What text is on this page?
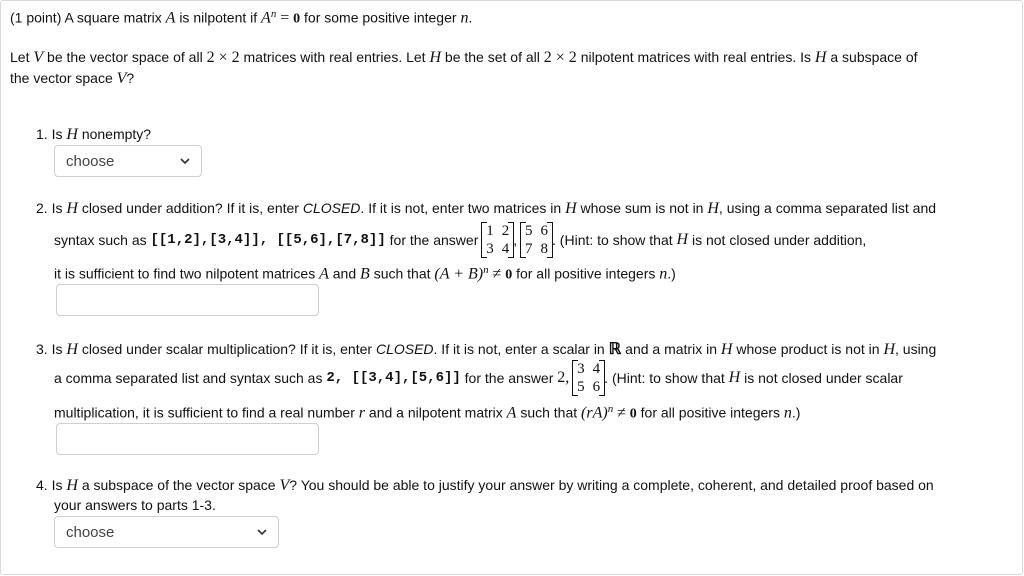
(1 point) A square matrix A is nilpotent if $A^n = 0$ for some positive integer n.
Let V be the vector space of all 2 × 2 matrices with real entries. Let H be the set of all 2 × 2 nilpotent matrices with real entries. Is H a subspace of
the vector space V?
1. Is H nonempty?
choose
2. Is H closed under addition? If it is, enter CLOSED. If it is not, enter two matrices in H whose sum is not in H, using a comma separated list and
syntax such as [[1,2],[3,4]], [[5,6],[7,8]] for the answer
1	2
3	4
,
5	6
7	8
. (Hint: to show that H is not closed under addition,
it is sufficient to find two nilpotent matrices A and B such that $(A + B)^n \ne 0$ for all positive integers n.)
3. Is H closed under scalar multiplication? If it is, enter CLOSED. If it is not, enter a scalar in ℝ and a matrix in H whose product is not in H, using
a comma separated list and syntax such as 2, [[3,4],[5,6]] for the answer 2, 3	4
5	6
. (Hint: to show that H is not closed under scalar
multiplication, it is sufficient to find a real number r and a nilpotent matrix A such that (rA)$^n$ ≠ 0 for all positive integers n.)
4. Is H a subspace of the vector space V? You should be able to justify your answer by writing a complete, coherent, and detailed proof based on
your answers to parts 1-3.
choose
